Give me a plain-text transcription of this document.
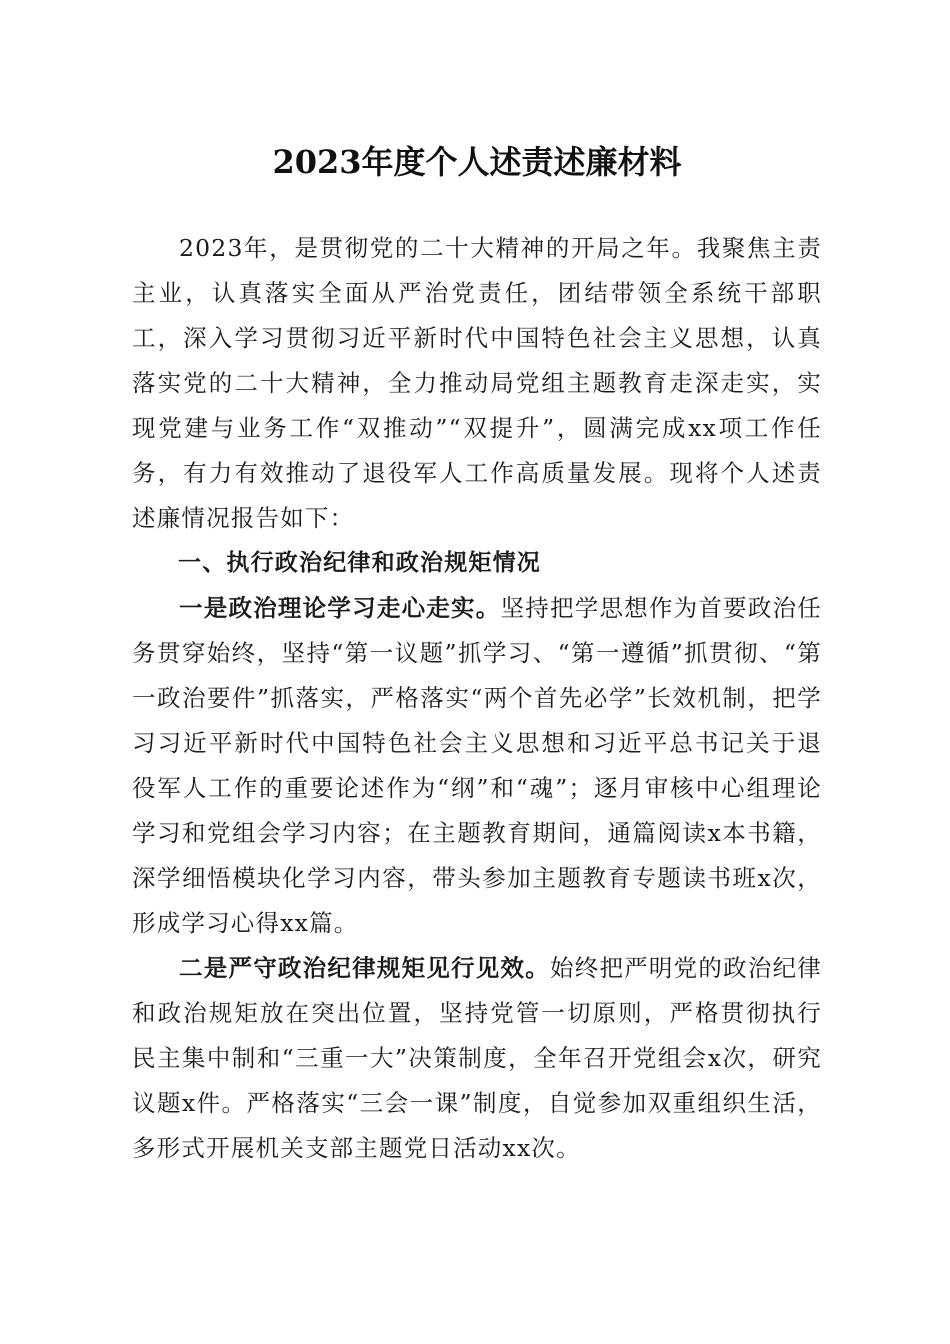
2023年度个人述责述廉材料

2023年，是贯彻党的二十大精神的开局之年。我聚焦主责主业，认真落实全面从严治党责任，团结带领全系统干部职工，深入学习贯彻习近平新时代中国特色社会主义思想，认真落实党的二十大精神，全力推动局党组主题教育走深走实，实现党建与业务工作“双推动”“双提升”，圆满完成xx项工作任务，有力有效推动了退役军人工作高质量发展。现将个人述责述廉情况报告如下：

一、执行政治纪律和政治规矩情况

一是政治理论学习走心走实。坚持把学思想作为首要政治任务贯穿始终，坚持“第一议题”抓学习、“第一遵循”抓贯彻、“第一政治要件”抓落实，严格落实“两个首先必学”长效机制，把学习习近平新时代中国特色社会主义思想和习近平总书记关于退役军人工作的重要论述作为“纲”和“魂”；逐月审核中心组理论学习和党组会学习内容；在主题教育期间，通篇阅读x本书籍，深学细悟模块化学习内容，带头参加主题教育专题读书班x次，形成学习心得xx篇。

二是严守政治纪律规矩见行见效。始终把严明党的政治纪律和政治规矩放在突出位置，坚持党管一切原则，严格贯彻执行民主集中制和“三重一大”决策制度，全年召开党组会x次，研究议题x件。严格落实“三会一课”制度，自觉参加双重组织生活，多形式开展机关支部主题党日活动xx次。
